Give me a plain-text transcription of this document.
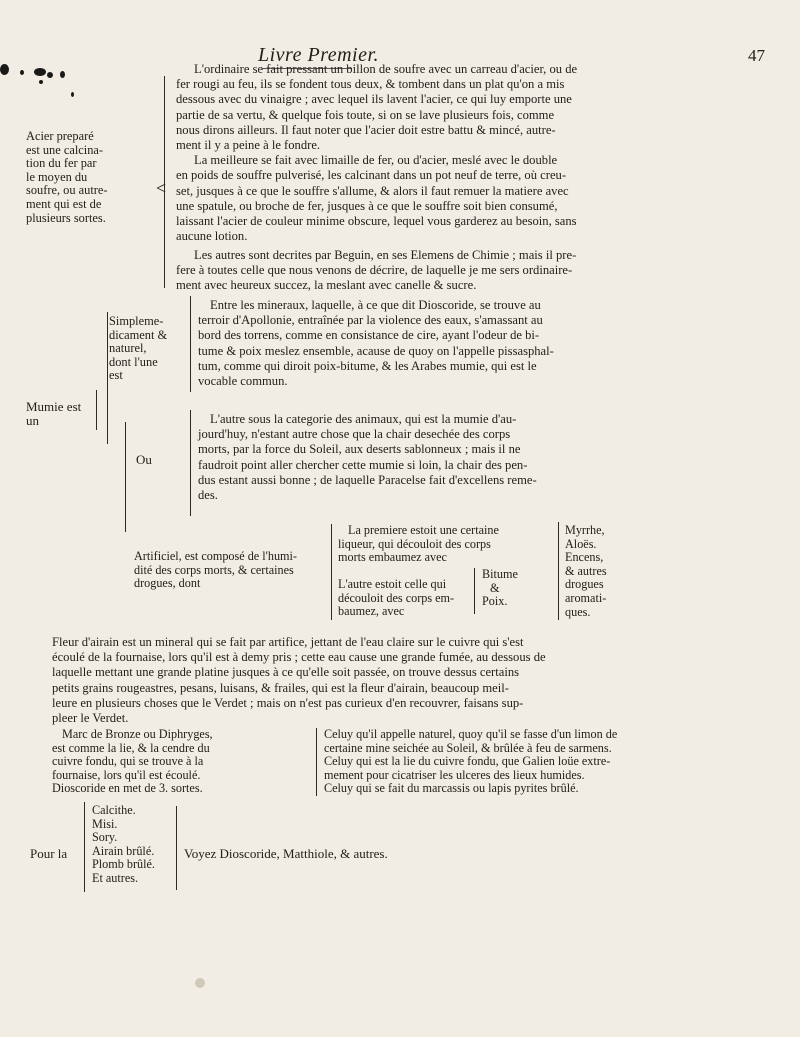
Livre Premier.	47
Acier preparé
est une calcina-
tion du fer par
le moyen du
soufre, ou autre-
ment qui est de
plusieurs sortes.
<

L'ordinaire se fait pressant un billon de soufre avec un carreau d'acier, ou de

fer rougi au feu, ils se fondent tous deux, & tombent dans un plat qu'on a mis

dessous avec du vinaigre ; avec lequel ils lavent l'acier, ce qui luy emporte une

partie de sa vertu, & quelque fois toute, si on se lave plusieurs fois, comme

nous dirons ailleurs. Il faut noter que l'acier doit estre battu & mincé, autre-

ment il y a peine à le fondre.

La meilleure se fait avec limaille de fer, ou d'acier, meslé avec le double

en poids de souffre pulverisé, les calcinant dans un pot neuf de terre, où creu-

set, jusques à ce que le souffre s'allume, & alors il faut remuer la matiere avec

une spatule, ou broche de fer, jusques à ce que le souffre soit bien consumé,

laissant l'acier de couleur minime obscure, lequel vous garderez au besoin, sans

aucune lotion.

Les autres sont decrites par Beguin, en ses Elemens de Chimie ; mais il pre-

fere à toutes celle que nous venons de décrire, de laquelle je me sers ordinaire-

ment avec heureux succez, la meslant avec canelle & sucre.

Mumie est
un
Simpleme-
dicament &
naturel,
dont l'une
est
Ou

Entre les mineraux, laquelle, à ce que dit Dioscoride, se trouve au

terroir d'Apollonie, entraînée par la violence des eaux, s'amassant au

bord des torrens, comme en consistance de cire, ayant l'odeur de bi-

tume & poix meslez ensemble, acause de quoy on l'appelle pissasphal-

tum, comme qui diroit poix-bitume, & les Arabes mumie, qui est le

vocable commun.

L'autre sous la categorie des animaux, qui est la mumie d'au-

jourd'huy, n'estant autre chose que la chair desechée des corps

morts, par la force du Soleil, aux deserts sablonneux ; mais il ne

faudroit point aller chercher cette mumie si loin, la chair des pen-

dus estant aussi bonne ; de laquelle Paracelse fait d'excellens reme-

des.

Artificiel, est composé de l'humi-
dité des corps morts, & certaines
drogues, dont
La premiere estoit une certaine
liqueur, qui découloit des corps
morts embaumez avec
Myrrhe,
Aloës.
Encens,
& autres
drogues
aromati-
ques.
L'autre estoit celle qui
découloit des corps em-
baumez, avec
Bitume
&
Poix.

Fleur d'airain est un mineral qui se fait par artifice, jettant de l'eau claire sur le cuivre qui s'est

écoulé de la fournaise, lors qu'il est à demy pris ; cette eau cause une grande fumée, au dessous de

laquelle mettant une grande platine jusques à ce qu'elle soit passée, on trouve dessus certains

petits grains rougeastres, pesans, luisans, & frailes, qui est la fleur d'airain, beaucoup meil-

leure en plusieurs choses que le Verdet ; mais on n'est pas curieux d'en recouvrer, faisans sup-

pleer le Verdet.

Marc de Bronze ou Diphryges,
est comme la lie, & la cendre du
cuivre fondu, qui se trouve à la
fournaise, lors qu'il est écoulé.
Dioscoride en met de 3. sortes.
Celuy qu'il appelle naturel, quoy qu'il se fasse d'un limon de
certaine mine seichée au Soleil, & brûlée à feu de sarmens.
Celuy qui est la lie du cuivre fondu, que Galien loüe extre-
mement pour cicatriser les ulceres des lieux humides.
Celuy qui se fait du marcassis ou lapis pyrites brûlé.
Pour la
Calcithe.
Misi.
Sory.
Airain brûlé.
Plomb brûlé.
Et autres.
Voyez Dioscoride, Matthiole, & autres.
